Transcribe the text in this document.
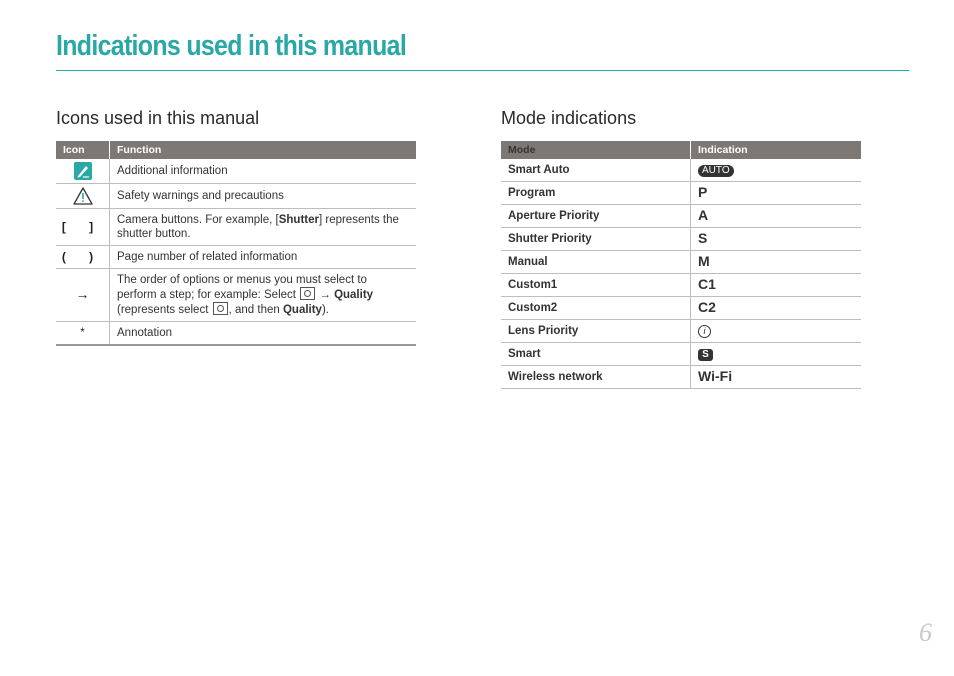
Indications used in this manual
Icons used in this manual
Icon	Function
	Additional information
	Safety warnings and precautions
[ ]	Camera buttons. For example, [Shutter] represents the shutter button.
( )	Page number of related information
→	The order of options or menus you must select to perform a step; for example: Select  → Quality (represents select , and then Quality).
*	Annotation
Mode indications
Mode	Indication
Smart Auto	AUTO
Program	P
Aperture Priority	A
Shutter Priority	S
Manual	M
Custom1	C1
Custom2	C2
Lens Priority	i
Smart	S
Wireless network	Wi-Fi
6
